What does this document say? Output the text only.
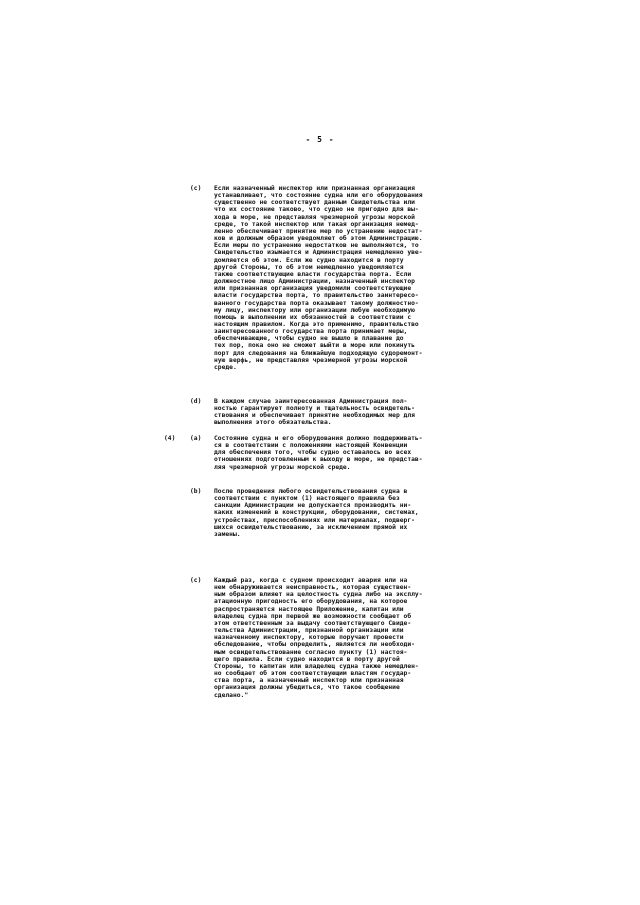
- 5 -
(c) Если назначенный инспектор или признанная организация
устанавливает, что состояние судна или его оборудования
существенно не соответствует данным Свидетельства или
что их состояние таково, что судно не пригодно для вы-
хода в море, не представляя чрезмерной угрозы морской
среде, то такой инспектор или такая организация немед-
ленно обеспечивает принятие мер по устранению недостат-
ков и должным образом уведомляет об этом Администрацию.
Если меры по устранению недостатков не выполняются, то
Свидетельство изымается и Администрация немедленно уве-
домляется об этом. Если же судно находится в порту
другой Стороны, то об этом немедленно уведомляются
также соответствующие власти государства порта. Если
должностное лицо Администрации, назначенный инспектор
или признанная организация уведомили соответствующие
власти государства порта, то правительство заинтересо-
ванного государства порта оказывает такому должностно-
му лицу, инспектору или организации любую необходимую
помощь в выполнении их обязанностей в соответствии с
настоящим правилом. Когда это применимо, правительство
заинтересованного государства порта принимает меры,
обеспечивающие, чтобы судно не вышло в плавание до
тех пор, пока оно не сможет выйти в море или покинуть
порт для следования на ближайшую подходящую судоремонт-
ную верфь, не представляя чрезмерной угрозы морской
среде.
(d) В каждом случае заинтересованная Администрация пол-
ностью гарантирует полноту и тщательность освидетель-
ствования и обеспечивает принятие необходимых мер для
выполнения этого обязательства.
(4) (a) Состояние судна и его оборудования должно поддерживать-
ся в соответствии с положениями настоящей Конвенции
для обеспечения того, чтобы судно оставалось во всех
отношениях подготовленным к выходу в море, не представ-
ляя чрезмерной угрозы морской среде.
(b) После проведения любого освидетельствования судна в
соответствии с пунктом (1) настоящего правила без
санкции Администрации не допускается производить ни-
каких изменений в конструкции, оборудовании, системах,
устройствах, приспособлениях или материалах, подверг-
шихся освидетельствованию, за исключением прямой их
замены.
(c) Каждый раз, когда с судном происходит авария или на
нем обнаруживается неисправность, которая существен-
ным образом влияет на целостность судна либо на эксплу-
атационную пригодность его оборудования, на которое
распространяется настоящее Приложение, капитан или
владелец судна при первой же возможности сообщает об
этом ответственным за выдачу соответствующего Свиде-
тельства Администрации, признанной организации или
назначенному инспектору, которые поручают провести
обследование, чтобы определить, является ли необходи-
мым освидетельствование согласно пункту (1) настоя-
щего правила. Если судно находится в порту другой
Стороны, то капитан или владелец судна также немедлен-
но сообщает об этом соответствующим властям государ-
ства порта, а назначенный инспектор или признанная
организация должны убедиться, что такое сообщение
сделано."
